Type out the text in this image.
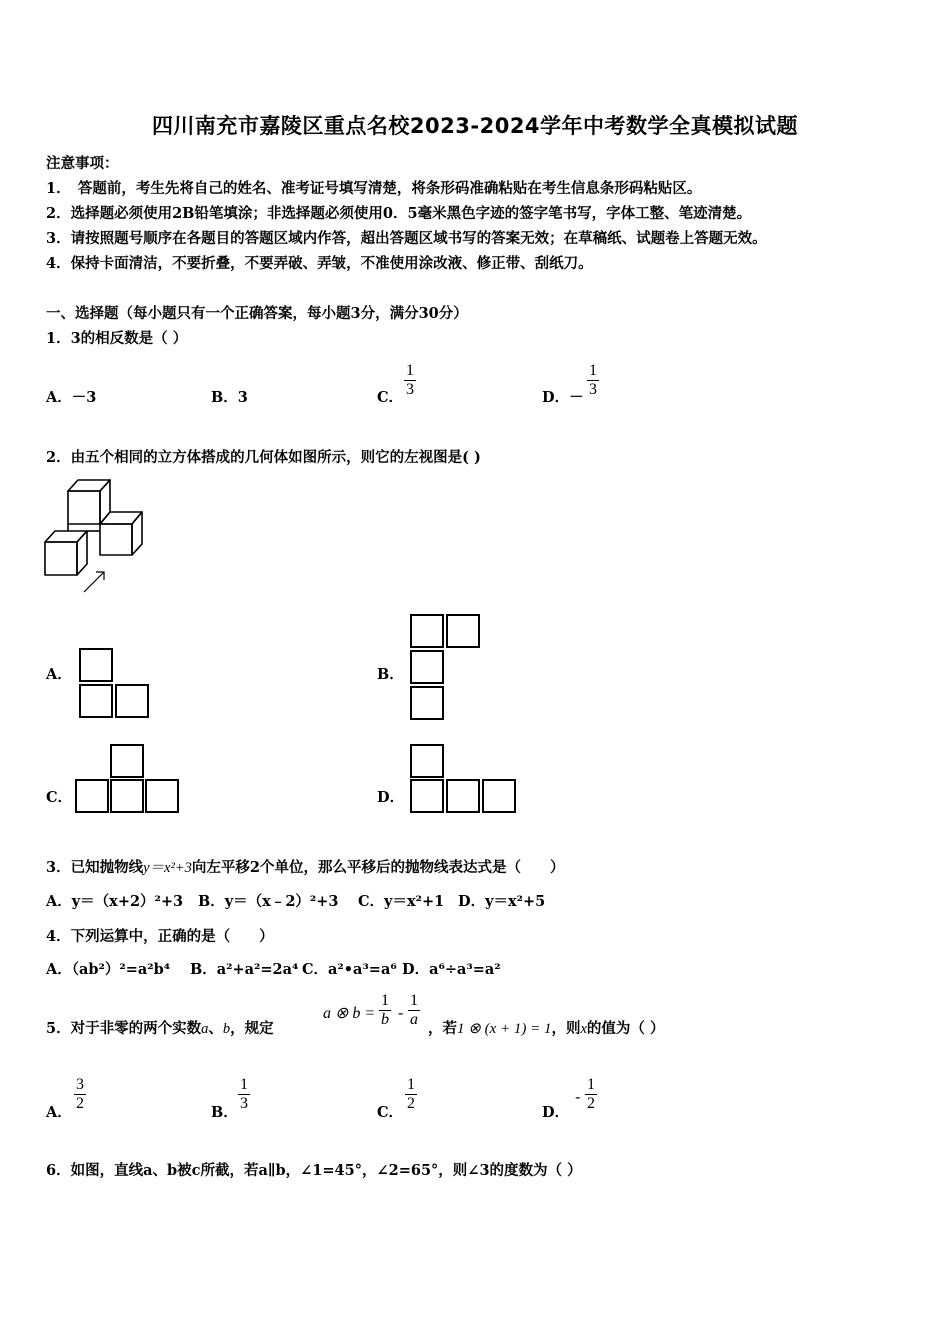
四川南充市嘉陵区重点名校2023-2024学年中考数学全真模拟试题
注意事项：
1．　答题前，考生先将自己的姓名、准考证号填写清楚，将条形码准确粘贴在考生信息条形码粘贴区。
2．选择题必须使用2B铅笔填涂；非选择题必须使用0．5毫米黑色字迹的签字笔书写，字体工整、笔迹清楚。
3．请按照题号顺序在各题目的答题区域内作答，超出答题区域书写的答案无效；在草稿纸、试题卷上答题无效。
4．保持卡面清洁，不要折叠，不要弄破、弄皱，不准使用涂改液、修正带、刮纸刀。
一、选择题（每小题只有一个正确答案，每小题3分，满分30分）
1．3的相反数是（ ）
A．－3	B．3	C． $\frac{1}{3}$	D．－ $\frac{1}{3}$
2．由五个相同的立方体搭成的几何体如图所示，则它的左视图是( )
A．	B．
C．	D．
3．已知抛物线y＝x²+3向左平移2个单位，那么平移后的抛物线表达式是（　　）
A．y＝（x+2）²+3 B．y＝（x﹣2）²+3 C．y＝x²+1 D．y＝x²+5
4．下列运算中，正确的是（　　）
A．（ab²）²=a²b⁴ B．a²+a²=2a⁴ C．a²•a³=a⁶ D．a⁶÷a³=a²
5．对于非零的两个实数a、b，规定
a ⊗ $b = \frac{1}{b} - \frac{1}{a}$ ，若1 ⊗ (x + 1) = 1，则x的值为（ ）
A． $\frac{3}{2}$	B． $\frac{1}{3}$	C． $\frac{1}{2}$	D．
- $\frac{1}{2}$
6．如图，直线a、b被c所截，若a∥b，∠1=45°，∠2=65°，则∠3的度数为（ ）
